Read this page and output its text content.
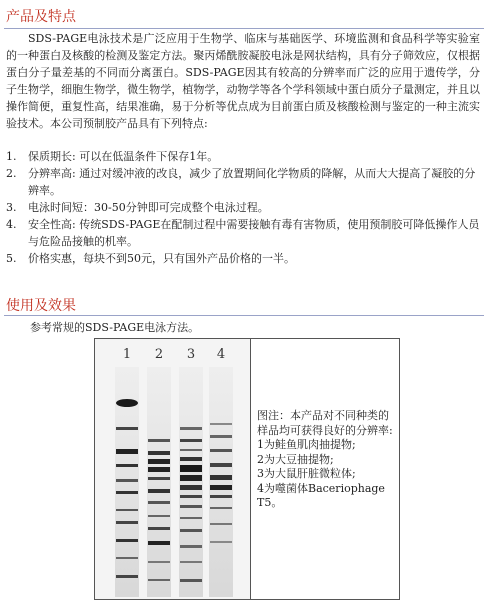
产品及特点

SDS-PAGE电泳技术是广泛应用于生物学、临床与基础医学、环境监测和食品科学等实验室的一种蛋白及核酸的检测及鉴定方法。聚丙烯酰胺凝胶电泳是网状结构，具有分子筛效应，仅根据蛋白分子量差基的不同而分离蛋白。SDS-PAGE因其有较高的分辨率而广泛的应用于遗传学，分子生物学，细胞生物学，微生物学，植物学，动物学等各个学科领域中蛋白质分子量测定，并且以操作简便，重复性高，结果准确，易于分析等优点成为目前蛋白质及核酸检测与鉴定的一种主流实验技术。本公司预制胶产品具有下列特点:

1.	保质期长: 可以在低温条件下保存1年。
2.	分辨率高: 通过对缓冲液的改良，减少了放置期间化学物质的降解，从而大大提高了凝胶的分辨率。
3.	电泳时间短：30-50分钟即可完成整个电泳过程。
4.	安全性高: 传统SDS-PAGE在配制过程中需要接触有毒有害物质，使用预制胶可降低操作人员与危险品接触的机率。
5.	价格实惠，每块不到50元，只有国外产品价格的一半。
使用及效果

参考常规的SDS-PAGE电泳方法。

1 2 3 4

图注：本产品对不同种类的样品均可获得良好的分辨率:
1为鲑鱼肌肉抽提物;
2为大豆抽提物;
3为大鼠肝脏微粒体;
4为噬菌体Baceriophage T5。
